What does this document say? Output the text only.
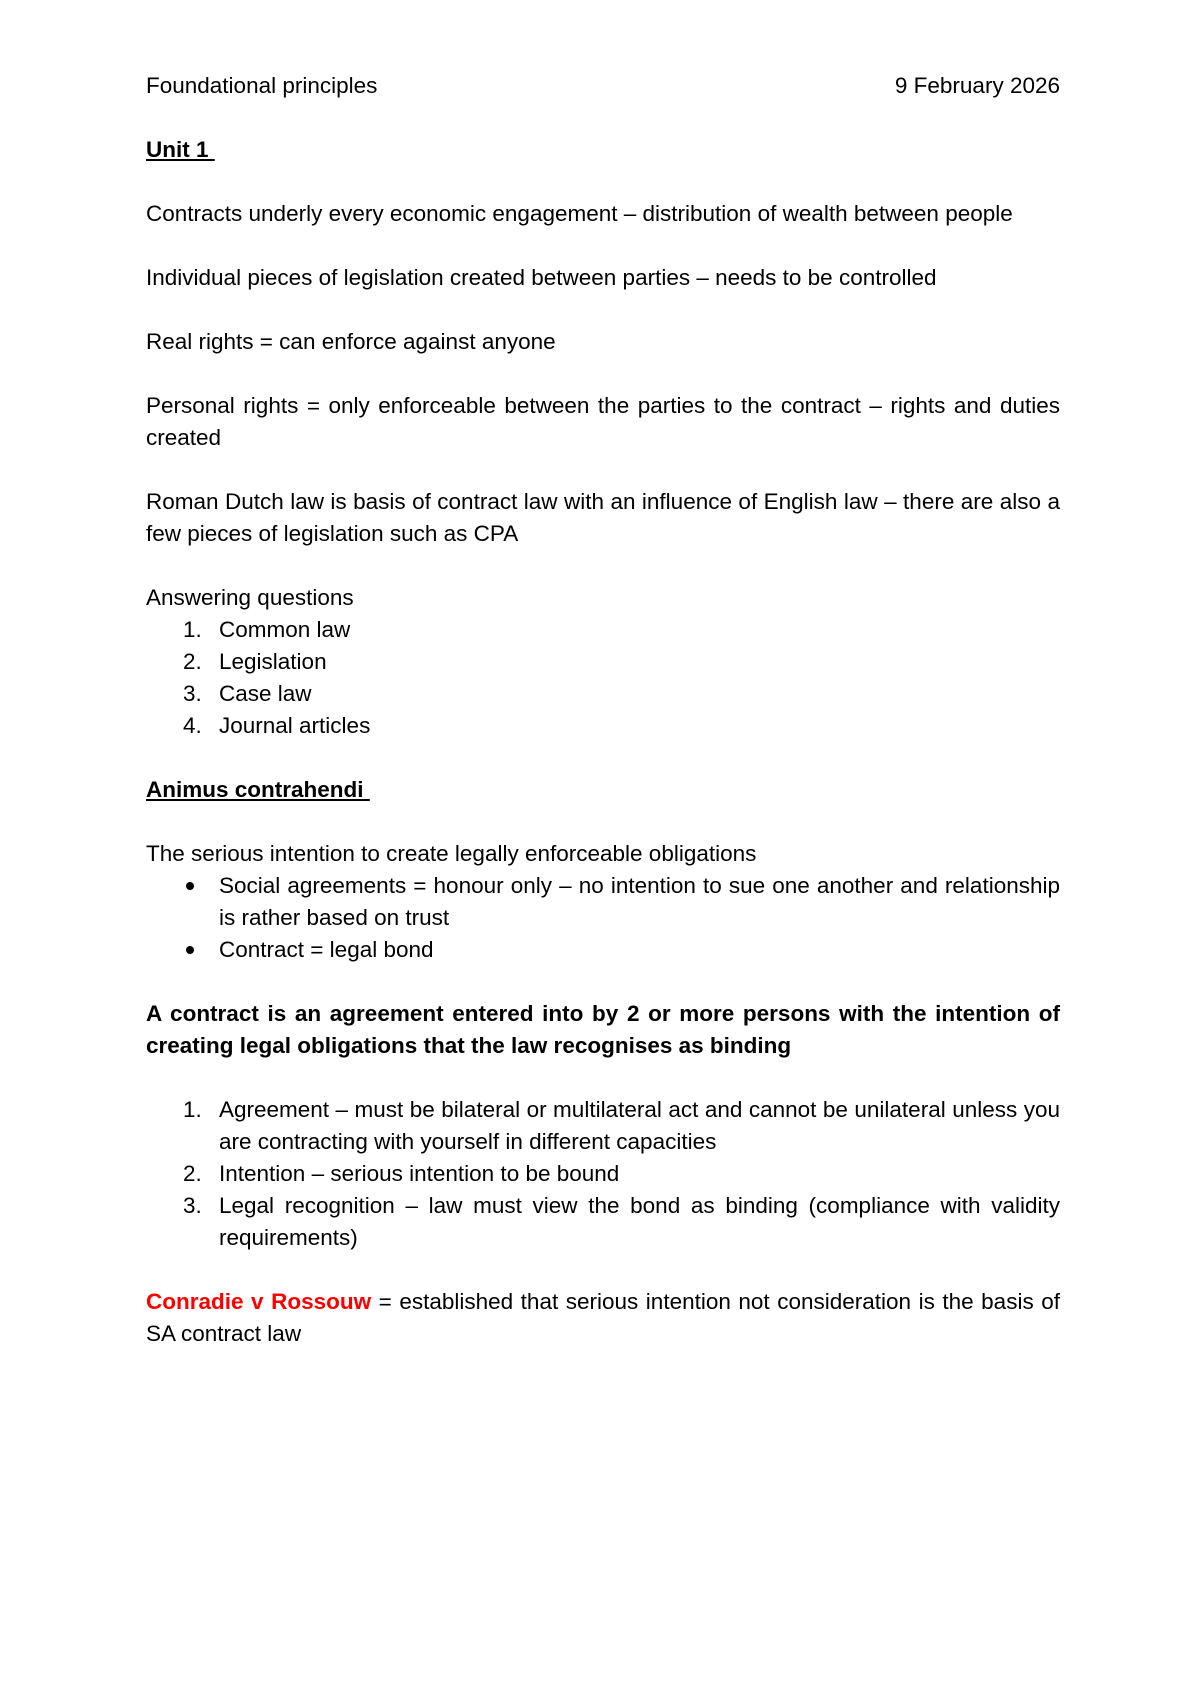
Foundational principles	9 February 2026
Unit 1

Contracts underly every economic engagement – distribution of wealth between people

Individual pieces of legislation created between parties – needs to be controlled

Real rights = can enforce against anyone

Personal rights = only enforceable between the parties to the contract – rights and duties created

Roman Dutch law is basis of contract law with an influence of English law – there are also a few pieces of legislation such as CPA

Answering questions

1. Common law
2. Legislation
3. Case law
4. Journal articles
Animus contrahendi

The serious intention to create legally enforceable obligations

Social agreements = honour only – no intention to sue one another and relationship is rather based on trust
Contract = legal bond

A contract is an agreement entered into by 2 or more persons with the intention of creating legal obligations that the law recognises as binding

1. Agreement – must be bilateral or multilateral act and cannot be unilateral unless you are contracting with yourself in different capacities
2. Intention – serious intention to be bound
3. Legal recognition – law must view the bond as binding (compliance with validity requirements)

Conradie v Rossouw = established that serious intention not consideration is the basis of SA contract law
